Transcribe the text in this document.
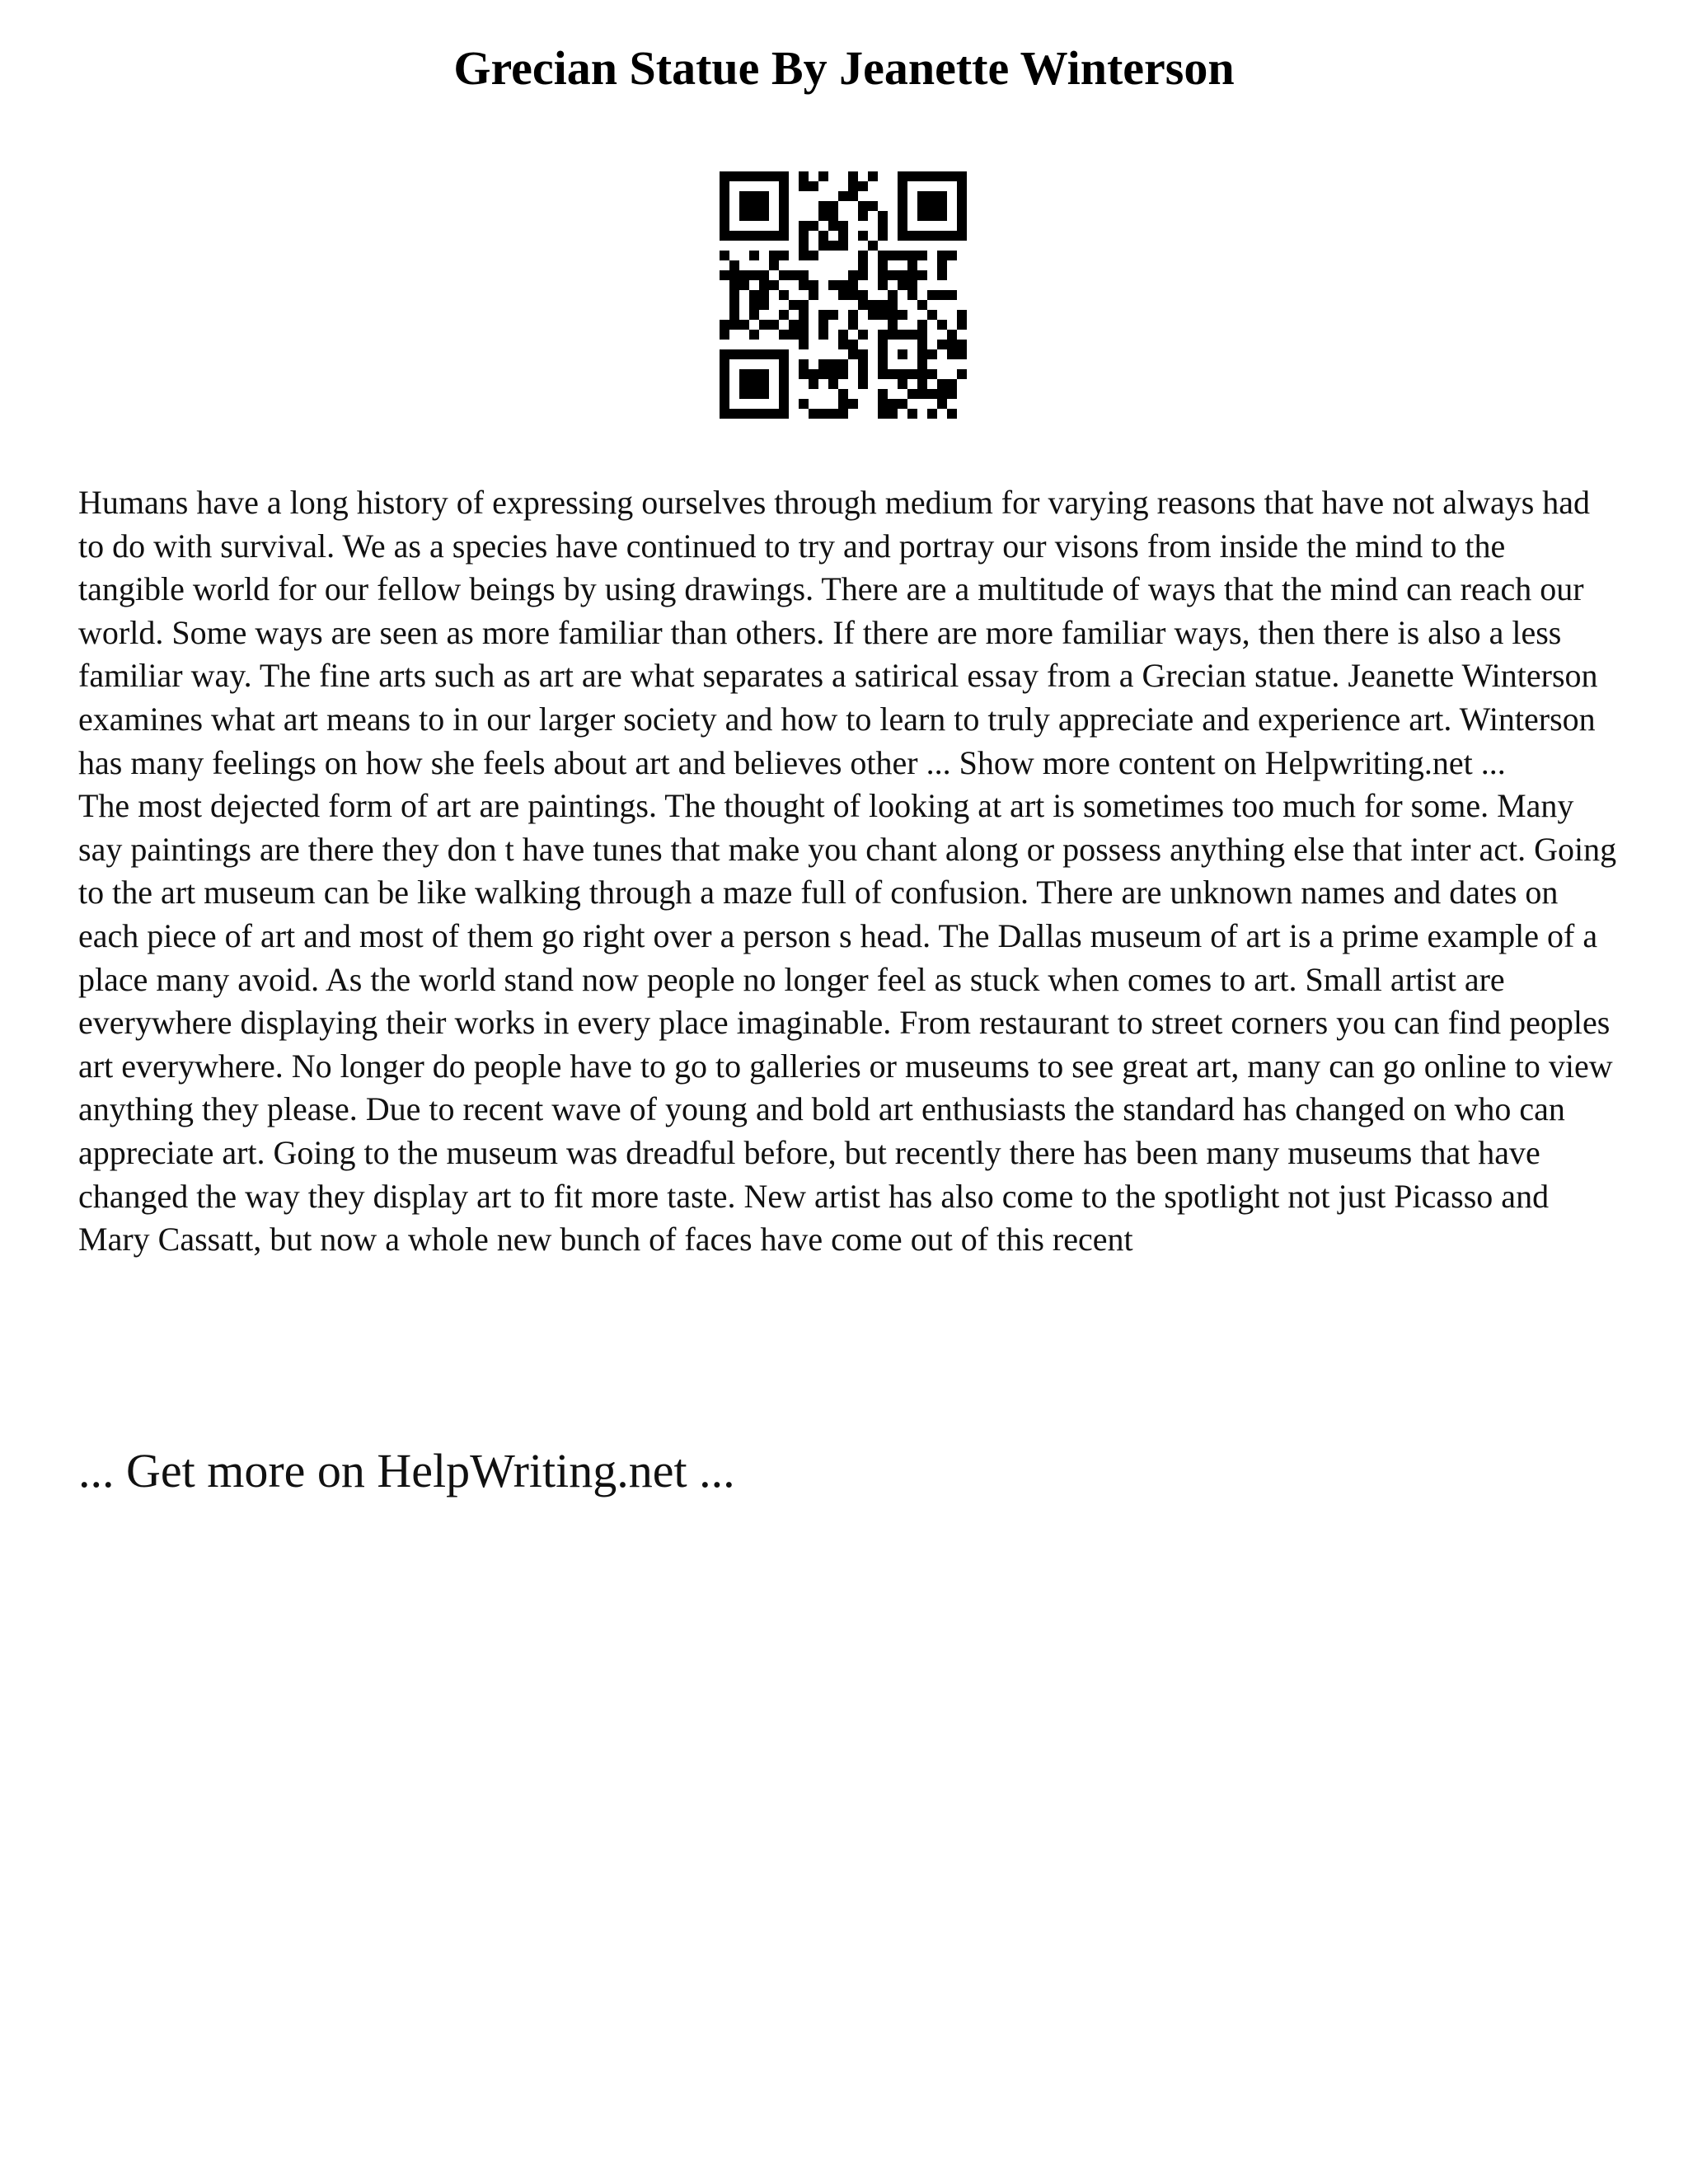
Grecian Statue By Jeanette Winterson

Humans have a long history of expressing ourselves through medium for varying reasons that have not always had to do with survival. We as a species have continued to try and portray our visons from inside the mind to the tangible world for our fellow beings by using drawings. There are a multitude of ways that the mind can reach our world. Some ways are seen as more familiar than others. If there are more familiar ways, then there is also a less familiar way. The fine arts such as art are what separates a satirical essay from a Grecian statue. Jeanette Winterson examines what art means to in our larger society and how to learn to truly appreciate and experience art. Winterson has many feelings on how she feels about art and believes other ... Show more content on Helpwriting.net ...

The most dejected form of art are paintings. The thought of looking at art is sometimes too much for some. Many say paintings are there they don t have tunes that make you chant along or possess anything else that inter act. Going to the art museum can be like walking through a maze full of confusion. There are unknown names and dates on each piece of art and most of them go right over a person s head. The Dallas museum of art is a prime example of a place many avoid. As the world stand now people no longer feel as stuck when comes to art. Small artist are everywhere displaying their works in every place imaginable. From restaurant to street corners you can find peoples art everywhere. No longer do people have to go to galleries or museums to see great art, many can go online to view anything they please. Due to recent wave of young and bold art enthusiasts the standard has changed on who can appreciate art. Going to the museum was dreadful before, but recently there has been many museums that have changed the way they display art to fit more taste. New artist has also come to the spotlight not just Picasso and Mary Cassatt, but now a whole new bunch of faces have come out of this recent

... Get more on HelpWriting.net ...
